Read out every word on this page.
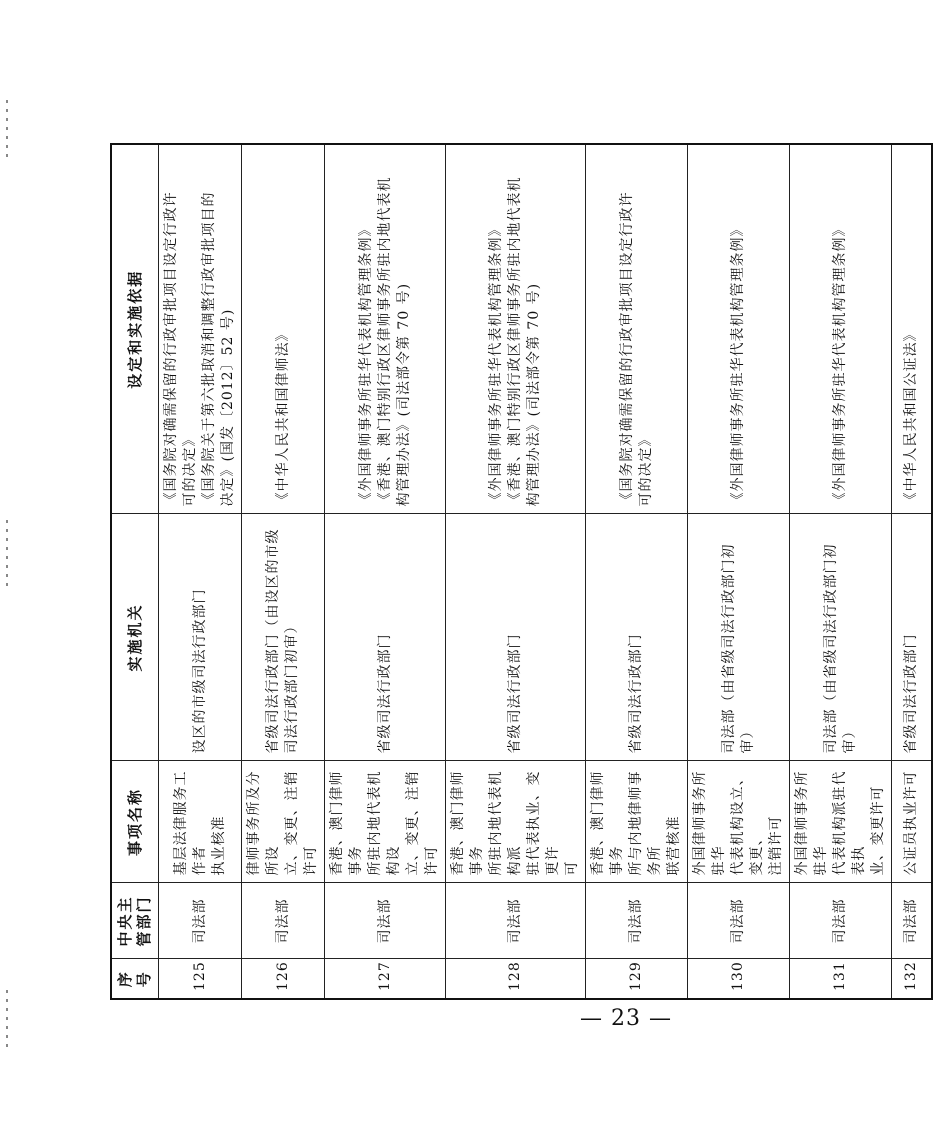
序号	中央主管部门	事项名称	实施机关	设定和实施依据
125	司法部	基层法律服务工作者 执业核准	设区的市级司法行政部门	《国务院对确需保留的行政审批项目设定行政许 可的决定》 《国务院关于第六批取消和调整行政审批项目的 决定》(国发〔2012〕52 号)

126	司法部	律师事务所及分所设 立、变更、注销许可	省级司法行政部门（由设区的市级 司法行政部门初审）	《中华人民共和国律师法》

127	司法部	香港、澳门律师事务 所驻内地代表机构设 立、变更、注销许可	省级司法行政部门	《外国律师事务所驻华代表机构管理条例》 《香港、澳门特别行政区律师事务所驻内地代表机 构管理办法》(司法部令第 70 号)

128	司法部	香港、澳门律师事务 所驻内地代表机构派 驻代表执业、变更许 可	省级司法行政部门	《外国律师事务所驻华代表机构管理条例》 《香港、澳门特别行政区律师事务所驻内地代表机 构管理办法》(司法部令第 70 号)

129	司法部	香港、澳门律师事务 所与内地律师事务所 联营核准	省级司法行政部门	《国务院对确需保留的行政审批项目设定行政许 可的决定》

130	司法部	外国律师事务所驻华 代表机构设立、变更、 注销许可	司法部（由省级司法行政部门初审）	《外国律师事务所驻华代表机构管理条例》

131	司法部	外国律师事务所驻华 代表机构派驻代表执 业、变更许可	司法部（由省级司法行政部门初审）	《外国律师事务所驻华代表机构管理条例》

132	司法部	公证员执业许可	省级司法行政部门	《中华人民共和国公证法》
— 23 —
